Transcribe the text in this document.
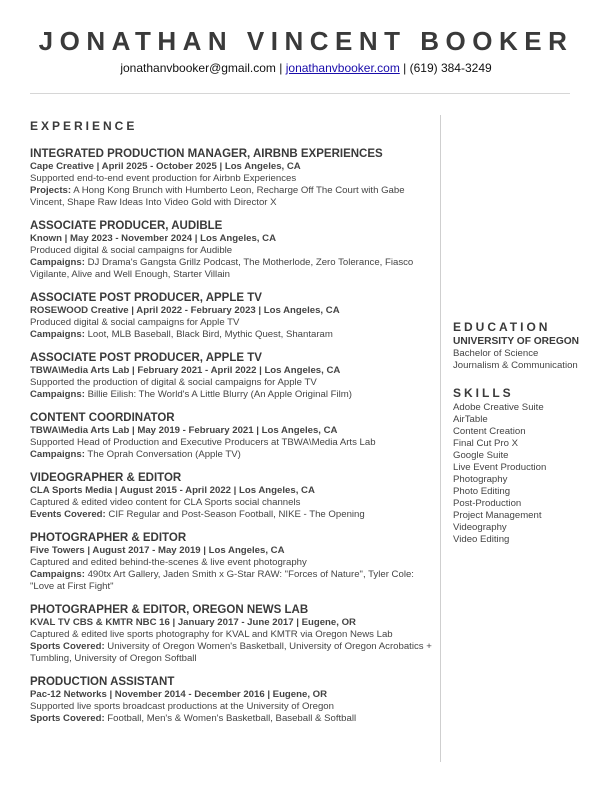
JONATHAN VINCENT BOOKER
jonathanvbooker@gmail.com | jonathanvbooker.com | (619) 384-3249
EXPERIENCE
INTEGRATED PRODUCTION MANAGER, AIRBNB EXPERIENCES
Cape Creative | April 2025 - October 2025 | Los Angeles, CA
Supported end-to-end event production for Airbnb Experiences
Projects: A Hong Kong Brunch with Humberto Leon, Recharge Off The Court with Gabe Vincent, Shape Raw Ideas Into Video Gold with Director X
ASSOCIATE PRODUCER, AUDIBLE
Known | May 2023 - November 2024 | Los Angeles, CA
Produced digital & social campaigns for Audible
Campaigns: DJ Drama's Gangsta Grillz Podcast, The Motherlode, Zero Tolerance, Fiasco Vigilante, Alive and Well Enough, Starter Villain
ASSOCIATE POST PRODUCER, APPLE TV
ROSEWOOD Creative | April 2022 - February 2023 | Los Angeles, CA
Produced digital & social campaigns for Apple TV
Campaigns: Loot, MLB Baseball, Black Bird, Mythic Quest, Shantaram
ASSOCIATE POST PRODUCER, APPLE TV
TBWA\Media Arts Lab | February 2021 - April 2022 | Los Angeles, CA
Supported the production of digital & social campaigns for Apple TV
Campaigns: Billie Eilish: The World's A Little Blurry (An Apple Original Film)
CONTENT COORDINATOR
TBWA\Media Arts Lab | May 2019 - February 2021 | Los Angeles, CA
Supported Head of Production and Executive Producers at TBWA\Media Arts Lab
Campaigns: The Oprah Conversation (Apple TV)
VIDEOGRAPHER & EDITOR
CLA Sports Media | August 2015 - April 2022 | Los Angeles, CA
Captured & edited video content for CLA Sports social channels
Events Covered: CIF Regular and Post-Season Football, NIKE - The Opening
PHOTOGRAPHER & EDITOR
Five Towers | August 2017 - May 2019 | Los Angeles, CA
Captured and edited behind-the-scenes & live event photography
Campaigns: 490tx Art Gallery, Jaden Smith x G-Star RAW: "Forces of Nature", Tyler Cole: "Love at First Fight"
PHOTOGRAPHER & EDITOR, OREGON NEWS LAB
KVAL TV CBS & KMTR NBC 16 | January 2017 - June 2017 | Eugene, OR
Captured & edited live sports photography for KVAL and KMTR via Oregon News Lab
Sports Covered: University of Oregon Women's Basketball, University of Oregon Acrobatics + Tumbling, University of Oregon Softball
PRODUCTION ASSISTANT
Pac-12 Networks | November 2014 - December 2016 | Eugene, OR
Supported live sports broadcast productions at the University of Oregon
Sports Covered: Football, Men's & Women's Basketball, Baseball & Softball
EDUCATION
UNIVERSITY OF OREGON
Bachelor of Science
Journalism & Communication
SKILLS
Adobe Creative Suite
AirTable
Content Creation
Final Cut Pro X
Google Suite
Live Event Production
Photography
Photo Editing
Post-Production
Project Management
Videography
Video Editing
